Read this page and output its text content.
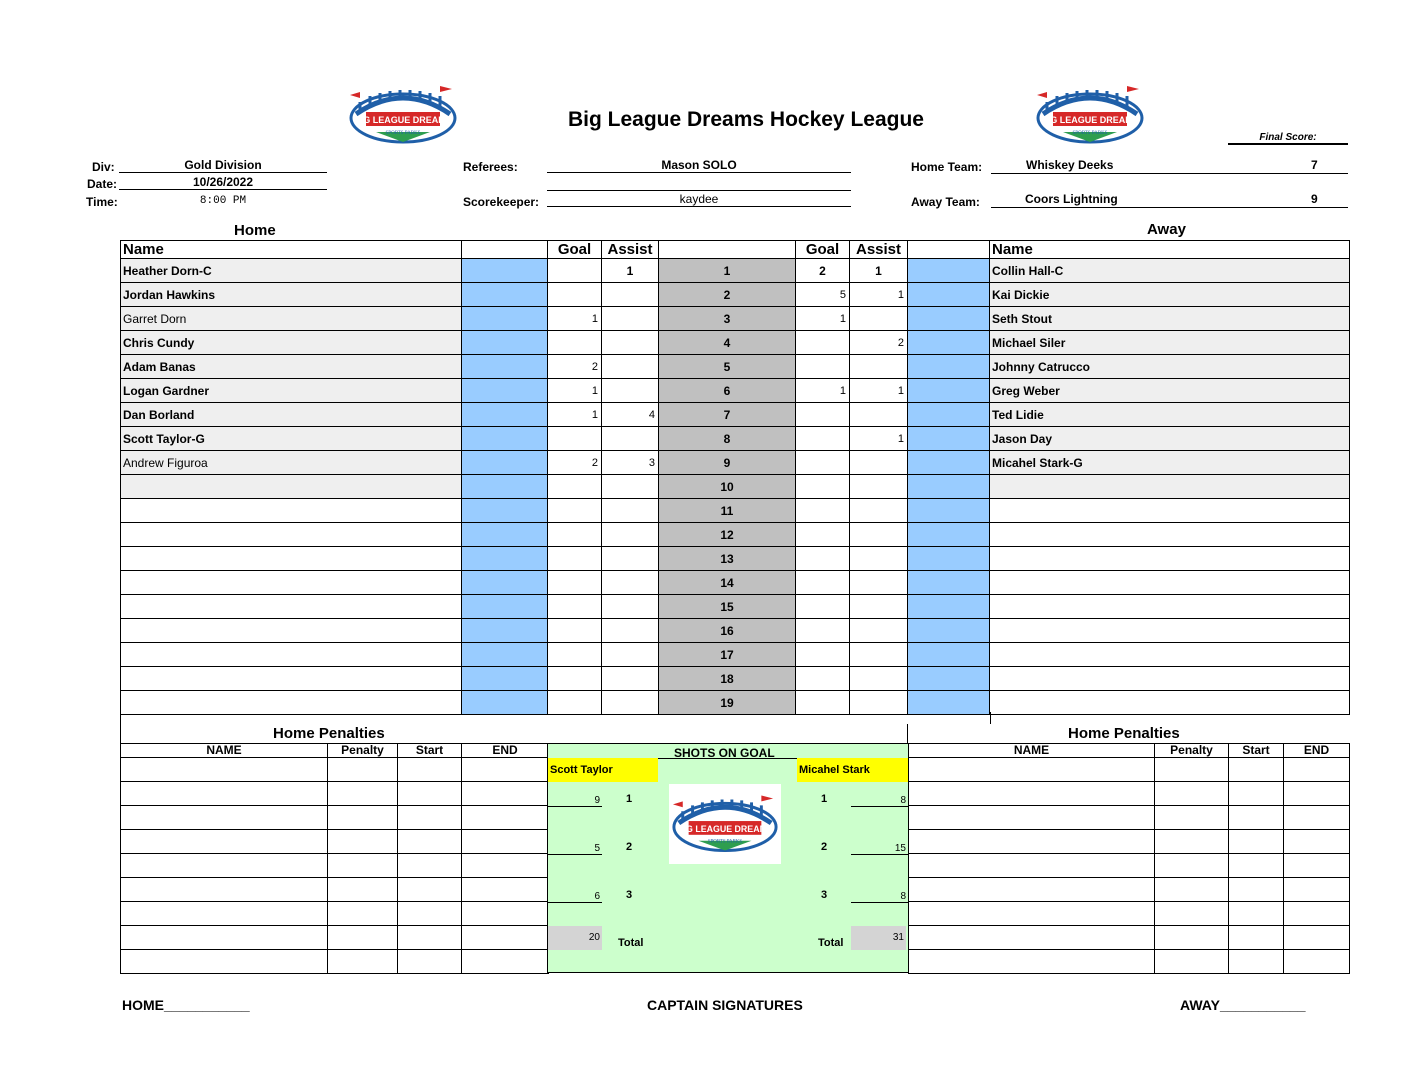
BIG LEAGUE DREAMS
SPORTS PARKS
BIG LEAGUE DREAMS
SPORTS PARKS
Big League Dreams Hockey League
Final Score:
Div:	Gold Division
Date:	10/26/2022
Time:	8:00 PM
Referees:	Mason SOLO
Scorekeeper:	kaydee
Home Team:	Whiskey Deeks	7
Away Team:	Coors Lightning	9
Home	Away
Name		Goal	Assist		Goal	Assist		Name
Heather Dorn-C			1	1	2	1		Collin Hall-C
Jordan Hawkins				2	5	1		Kai Dickie
Garret Dorn		1		3	1			Seth Stout
Chris Cundy				4		2		Michael Siler
Adam Banas		2		5				Johnny Catrucco
Logan Gardner		1		6	1	1		Greg Weber
Dan Borland		1	4	7				Ted Lidie
Scott Taylor-G				8		1		Jason Day
Andrew Figuroa		2	3	9				Micahel Stark-G
				10				
				11				
				12				
				13				
				14				
				15				
				16				
				17				
				18				
				19				
Home Penalties	Home Penalties
NAME	Penalty	Start	END

				NAME	Penalty	Start	END

SHOTS ON GOAL
Scott Taylor	Micahel Stark
BIG LEAGUE DREAMS
SPORTS PARKS
9 1	1	8
5 2	2	15
6 3	3	8
20 Total	Total	31
HOME___________	CAPTAIN SIGNATURES	AWAY___________
